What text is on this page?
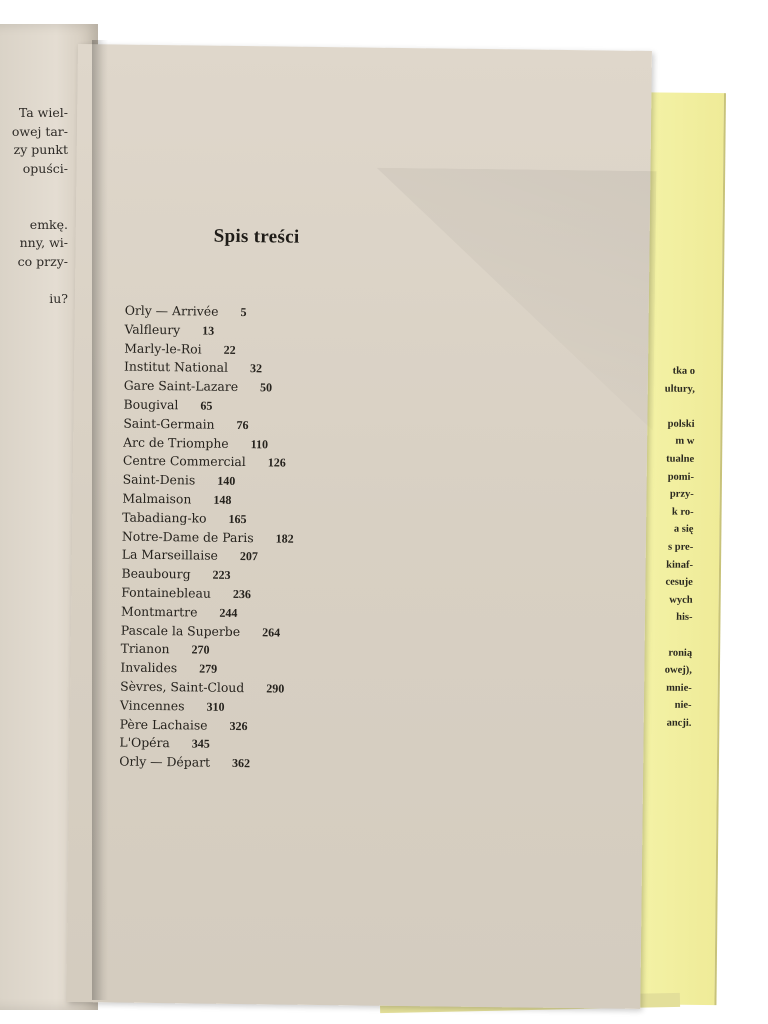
tka o
ultury,

polski
m w
tualne
pomi-
przy-
k ro-
a się
s pre-
kinaf-
cesuje
wych
his-

ronią
owej),
mnie-
nie-
ancji.
Ta wiel-
owej tar-
zy punkt
opuści-

emkę.
nny, wi-
co przy-

iu?
Spis treści
Orly — Arrivée 5
Valfleury 13
Marly-le-Roi 22
Institut National 32
Gare Saint-Lazare 50
Bougival 65
Saint-Germain 76
Arc de Triomphe 110
Centre Commercial 126
Saint-Denis 140
Malmaison 148
Tabadiang-ko 165
Notre-Dame de Paris 182
La Marseillaise 207
Beaubourg 223
Fontainebleau 236
Montmartre 244
Pascale la Superbe 264
Trianon 270
Invalides 279
Sèvres, Saint-Cloud 290
Vincennes 310
Père Lachaise 326
L'Opéra 345
Orly — Départ 362
